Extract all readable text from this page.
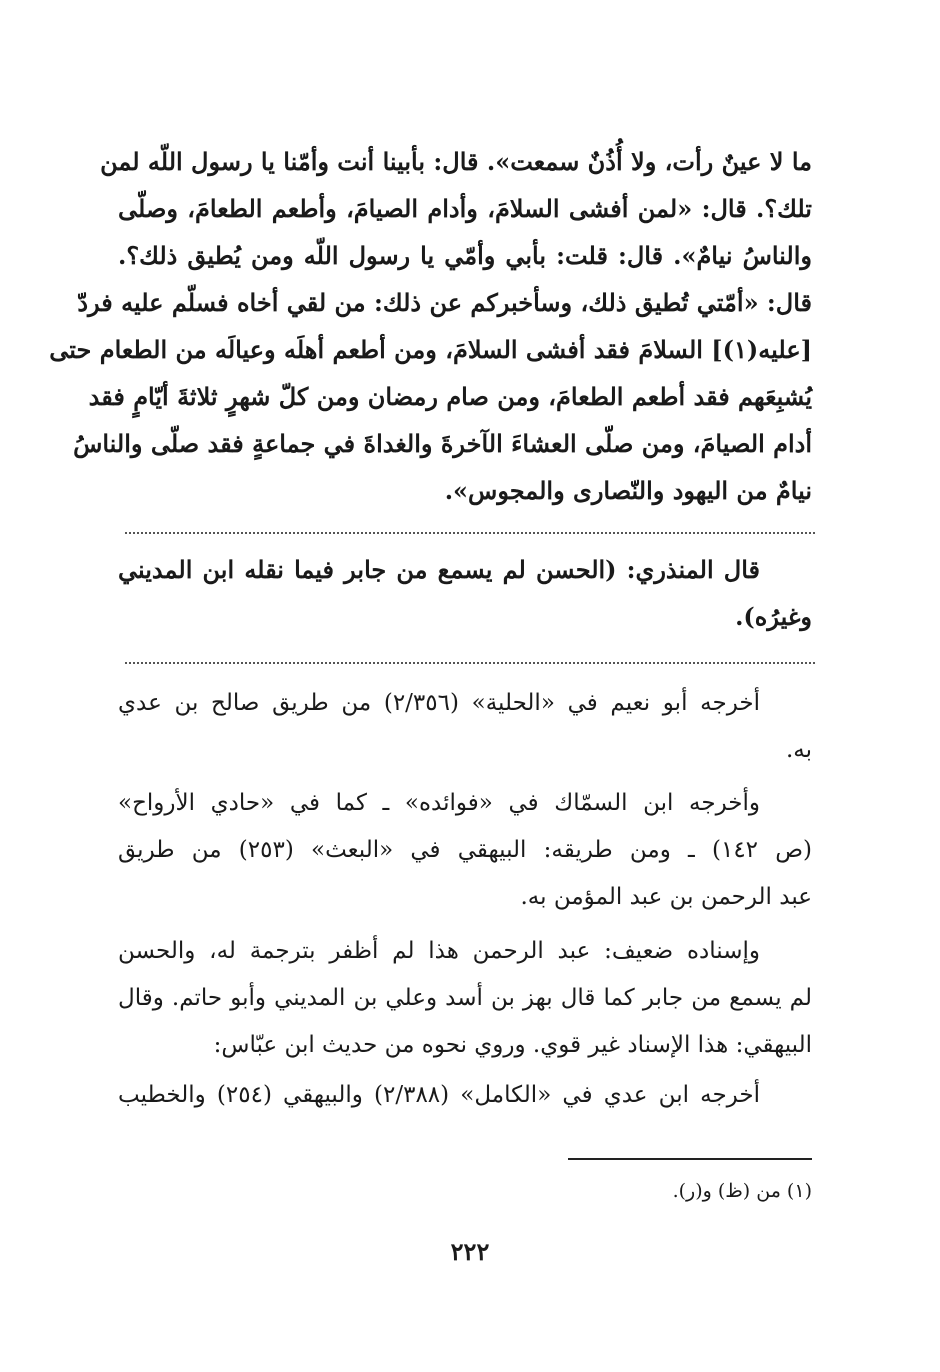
ما لا عينٌ رأت، ولا أُذُنٌ سمعت». قال: بأبينا أنت وأمّنا يا رسول اللّه لمن
تلك؟. قال: «لمن أفشى السلامَ، وأدام الصيامَ، وأطعم الطعامَ، وصلّى
والناسُ نيامٌ». قال: قلت: بأبي وأمّي يا رسول اللّه ومن يُطيق ذلك؟.
قال: «أمّتي تُطيق ذلك، وسأخبركم عن ذلك: من لقي أخاه فسلّم عليه فردّ
[عليه(١)] السلامَ فقد أفشى السلامَ، ومن أطعم أهلَه وعيالَه من الطعام حتى
يُشبِعَهم فقد أطعم الطعامَ، ومن صام رمضان ومن كلّ شهرٍ ثلاثةَ أيّامٍ فقد
أدام الصيامَ، ومن صلّى العشاءَ الآخرةَ والغداةَ في جماعةٍ فقد صلّى والناسُ
نيامٌ من اليهود والنّصارى والمجوس».
قال المنذري: (الحسن لم يسمع من جابر فيما نقله ابن المديني
وغيرُه).
أخرجه أبو نعيم في «الحلية» (٢/٣٥٦) من طريق صالح بن عدي
به.
وأخرجه ابن السمّاك في «فوائده» ـ كما في «حادي الأرواح»
(ص ١٤٢) ـ ومن طريقه: البيهقي في «البعث» (٢٥٣) من طريق
عبد الرحمن بن عبد المؤمن به.
وإسناده ضعيف: عبد الرحمن هذا لم أظفر بترجمة له، والحسن
لم يسمع من جابر كما قال بهز بن أسد وعلي بن المديني وأبو حاتم. وقال
البيهقي: هذا الإسناد غير قوي. وروي نحوه من حديث ابن عبّاس:
أخرجه ابن عدي في «الكامل» (٢/٣٨٨) والبيهقي (٢٥٤) والخطيب
(١) من (ظ) و(ر).
٢٢٢
